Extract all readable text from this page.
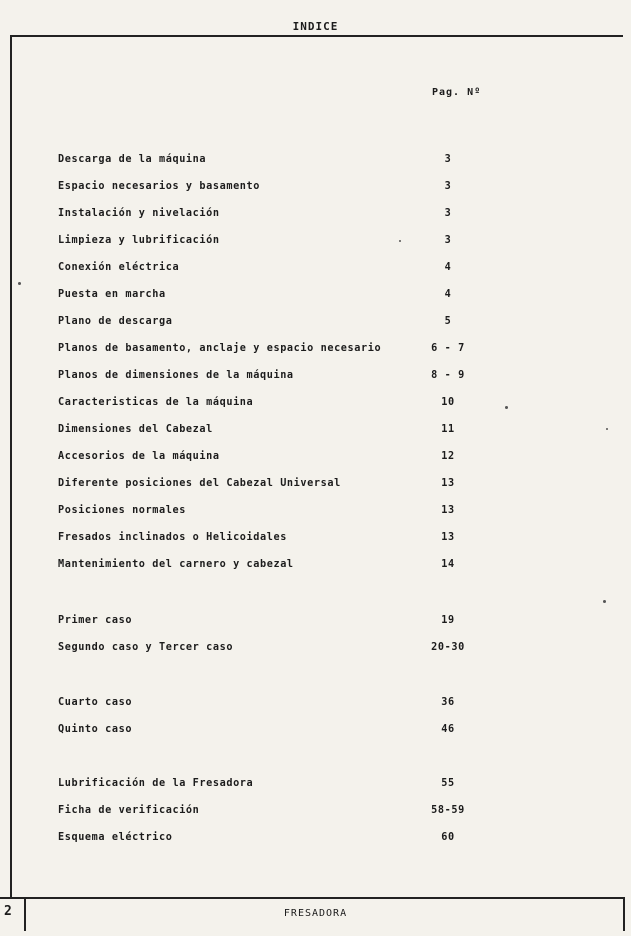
INDICE
Pag. Nº
Descarga de la máquina	3
Espacio necesarios y basamento	3
Instalación y nivelación	3
Limpieza y lubrificación	3
Conexión eléctrica	4
Puesta en marcha	4
Plano de descarga	5
Planos de basamento, anclaje y espacio necesario	6 - 7
Planos de dimensiones de la máquina	8 - 9
Caracteristicas de la máquina	10
Dimensiones del Cabezal	11
Accesorios de la máquina	12
Diferente posiciones del Cabezal Universal	13
Posiciones normales	13
Fresados inclinados o Helicoidales	13
Mantenimiento del carnero y cabezal	14
Primer caso	19
Segundo caso y Tercer caso	20-30
Cuarto caso	36
Quinto caso	46
Lubrificación de la Fresadora	55
Ficha de verificación	58-59
Esquema eléctrico	60
2	FRESADORA
